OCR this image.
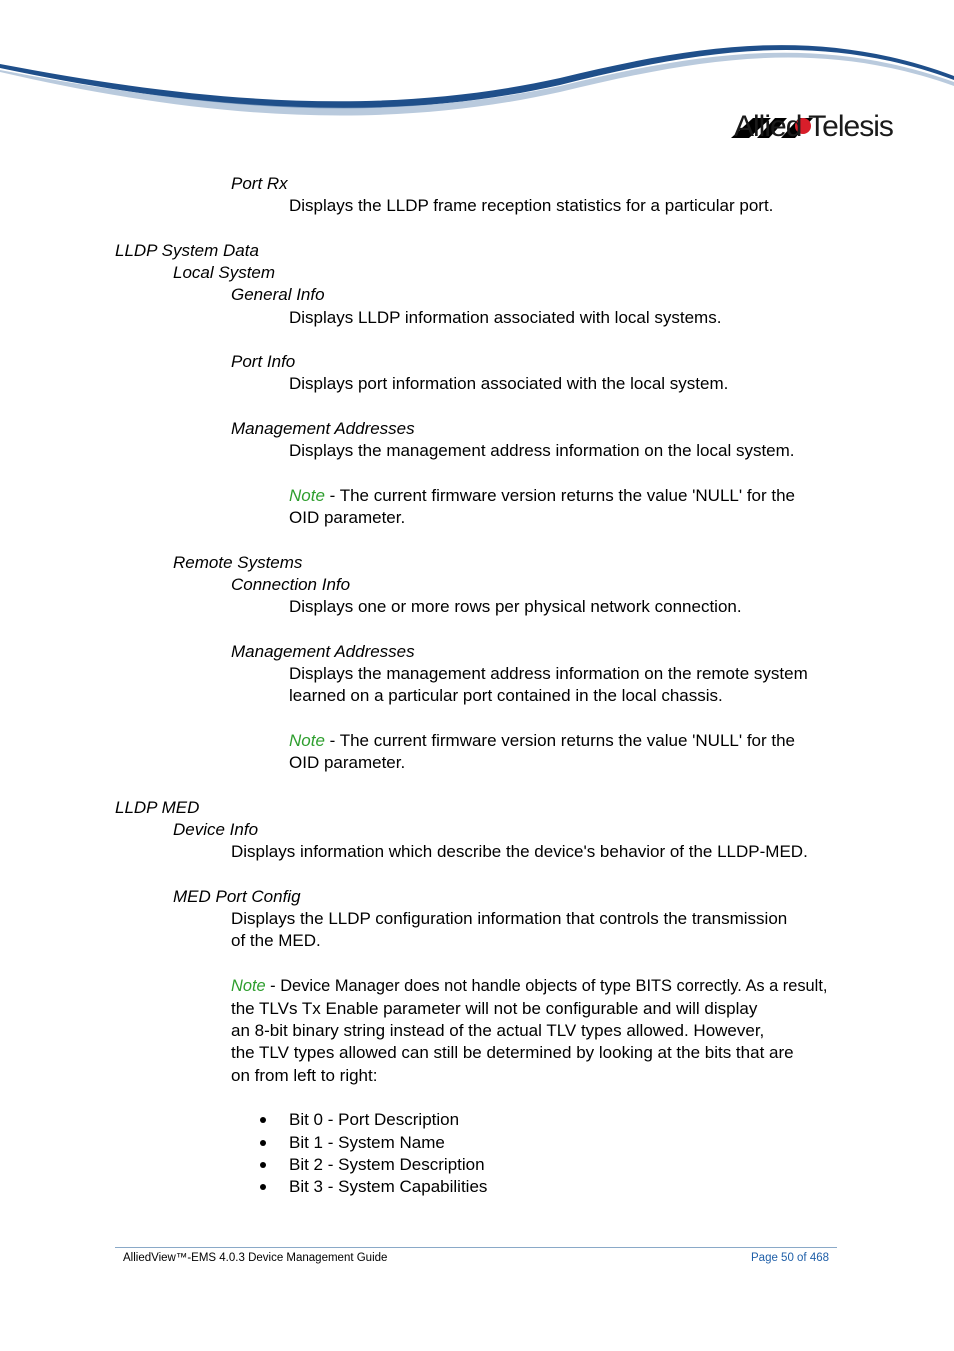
Allied Telesis
Port Rx
Displays the LLDP frame reception statistics for a particular port.
LLDP System Data
Local System
General Info
Displays LLDP information associated with local systems.
Port Info
Displays port information associated with the local system.
Management Addresses
Displays the management address information on the local system.
Note - The current firmware version returns the value 'NULL' for the
OID parameter.
Remote Systems
Connection Info
Displays one or more rows per physical network connection.
Management Addresses
Displays the management address information on the remote system
learned on a particular port contained in the local chassis.
Note - The current firmware version returns the value 'NULL' for the
OID parameter.
LLDP MED
Device Info
Displays information which describe the device's behavior of the LLDP-MED.
MED Port Config
Displays the LLDP configuration information that controls the transmission
of the MED.
Note - Device Manager does not handle objects of type BITS correctly. As a result,
the TLVs Tx Enable parameter will not be configurable and will display
an 8-bit binary string instead of the actual TLV types allowed. However,
the TLV types allowed can still be determined by looking at the bits that are
on from left to right:
Bit 0 - Port Description
Bit 1 - System Name
Bit 2 - System Description
Bit 3 - System Capabilities
AlliedView™-EMS 4.0.3 Device Management Guide	Page 50 of 468
